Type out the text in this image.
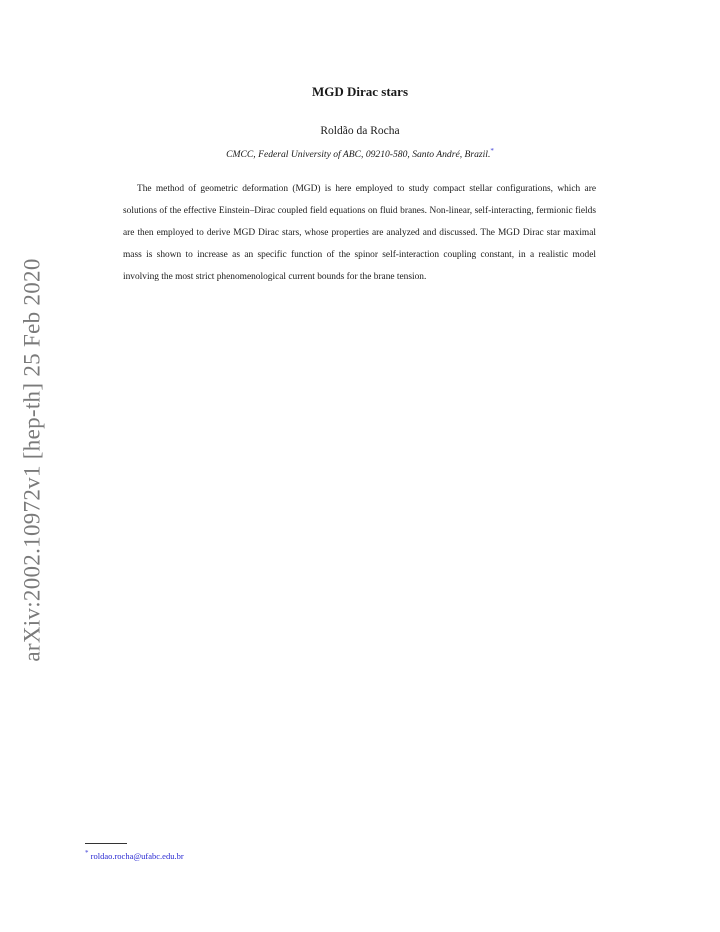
arXiv:2002.10972v1 [hep-th] 25 Feb 2020
MGD Dirac stars
Roldão da Rocha
CMCC, Federal University of ABC, 09210-580, Santo André, Brazil.*

The method of geometric deformation (MGD) is here employed to study compact stellar configurations, which are solutions of the effective Einstein–Dirac coupled field equations on fluid branes. Non-linear, self-interacting, fermionic fields are then employed to derive MGD Dirac stars, whose properties are analyzed and discussed. The MGD Dirac star maximal mass is shown to increase as an specific function of the spinor self-interaction coupling constant, in a realistic model involving the most strict phenomenological current bounds for the brane tension.

* roldao.rocha@ufabc.edu.br
